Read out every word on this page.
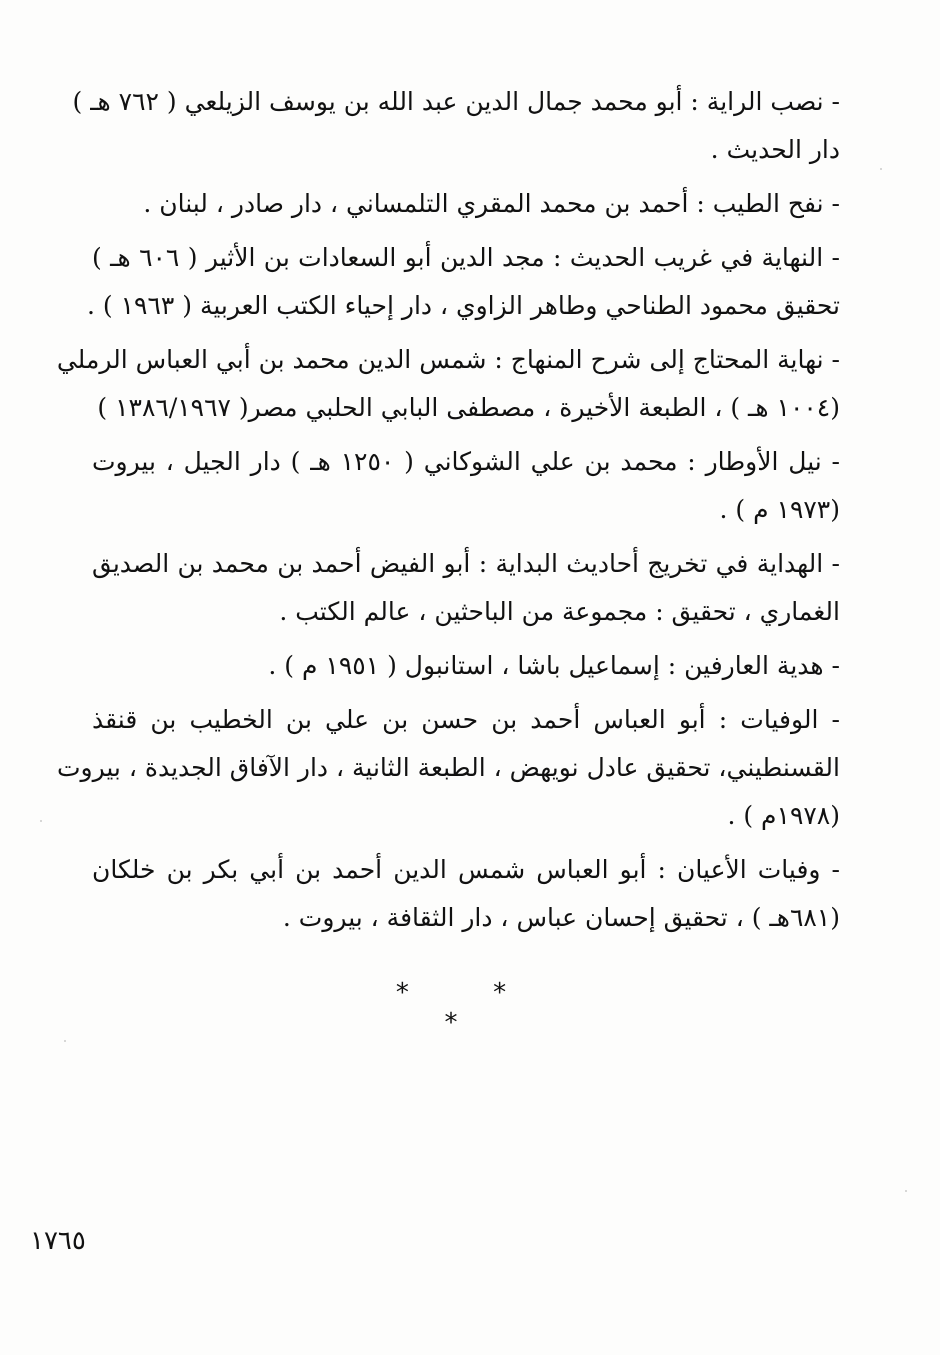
- نصب الراية : أبو محمد جمال الدين عبد الله بن يوسف الزيلعي ( ٧٦٢ هـ )
دار الحديث .
- نفح الطيب : أحمد بن محمد المقري التلمساني ، دار صادر ، لبنان .
- النهاية في غريب الحديث : مجد الدين أبو السعادات بن الأثير ( ٦٠٦ هـ )
تحقيق محمود الطناحي وطاهر الزاوي ، دار إحياء الكتب العربية ( ١٩٦٣ ) .
- نهاية المحتاج إلى شرح المنهاج : شمس الدين محمد بن أبي العباس الرملي
(١٠٠٤ هـ ) ، الطبعة الأخيرة ، مصطفى البابي الحلبي مصر( ١٣٨٦/١٩٦٧ )
- نيل الأوطار : محمد بن علي الشوكاني ( ١٢٥٠ هـ ) دار الجيل ، بيروت
(١٩٧٣ م ) .
- الهداية في تخريج أحاديث البداية : أبو الفيض أحمد بن محمد بن الصديق
الغماري ، تحقيق : مجموعة من الباحثين ، عالم الكتب .
- هدية العارفين : إسماعيل باشا ، استانبول ( ١٩٥١ م ) .
- الوفيات : أبو العباس أحمد بن حسن بن علي بن الخطيب بن قنقذ
القسنطيني، تحقيق عادل نويهض ، الطبعة الثانية ، دار الآفاق الجديدة ، بيروت
(١٩٧٨م ) .
- وفيات الأعيان : أبو العباس شمس الدين أحمد بن أبي بكر بن خلكان
(٦٨١هـ ) ، تحقيق إحسان عباس ، دار الثقافة ، بيروت .
* * *
١٧٦٥
